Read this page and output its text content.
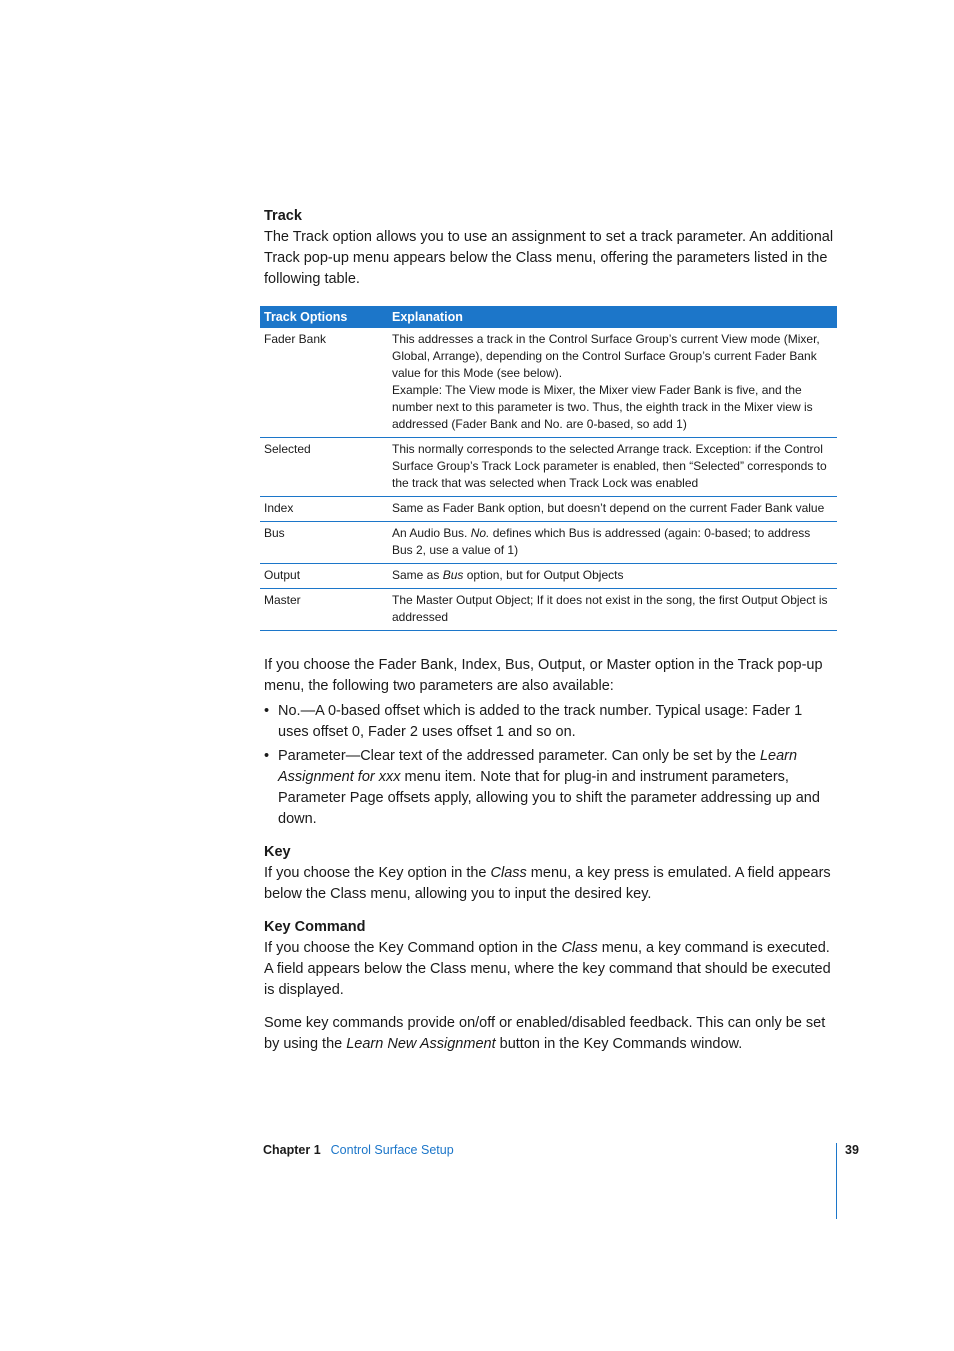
Track

The Track option allows you to use an assignment to set a track parameter. An additional Track pop-up menu appears below the Class menu, offering the parameters listed in the following table.

Track Options	Explanation
Fader Bank	This addresses a track in the Control Surface Group’s current View mode (Mixer, Global, Arrange), depending on the Control Surface Group’s current Fader Bank value for this Mode (see below).
Example: The View mode is Mixer, the Mixer view Fader Bank is five, and the number next to this parameter is two. Thus, the eighth track in the Mixer view is addressed (Fader Bank and No. are 0-based, so add 1)

Selected	This normally corresponds to the selected Arrange track. Exception: if the Control Surface Group’s Track Lock parameter is enabled, then “Selected” corresponds to the track that was selected when Track Lock was enabled
Index	Same as Fader Bank option, but doesn’t depend on the current Fader Bank value
Bus	An Audio Bus. No. defines which Bus is addressed (again: 0-based; to address Bus 2, use a value of 1)
Output	Same as Bus option, but for Output Objects
Master	The Master Output Object; If it does not exist in the song, the first Output Object is addressed

If you choose the Fader Bank, Index, Bus, Output, or Master option in the Track pop-up menu, the following two parameters are also available:

• No.—A 0-based offset which is added to the track number. Typical usage: Fader 1 uses offset 0, Fader 2 uses offset 1 and so on.
• Parameter—Clear text of the addressed parameter. Can only be set by the Learn Assignment for xxx menu item. Note that for plug-in and instrument parameters, Parameter Page offsets apply, allowing you to shift the parameter addressing up and down.
Key

If you choose the Key option in the Class menu, a key press is emulated. A field appears below the Class menu, allowing you to input the desired key.

Key Command

If you choose the Key Command option in the Class menu, a key command is executed. A field appears below the Class menu, where the key command that should be executed is displayed.

Some key commands provide on/off or enabled/disabled feedback. This can only be set by using the Learn New Assignment button in the Key Commands window.

Chapter 1 Control Surface Setup	39
